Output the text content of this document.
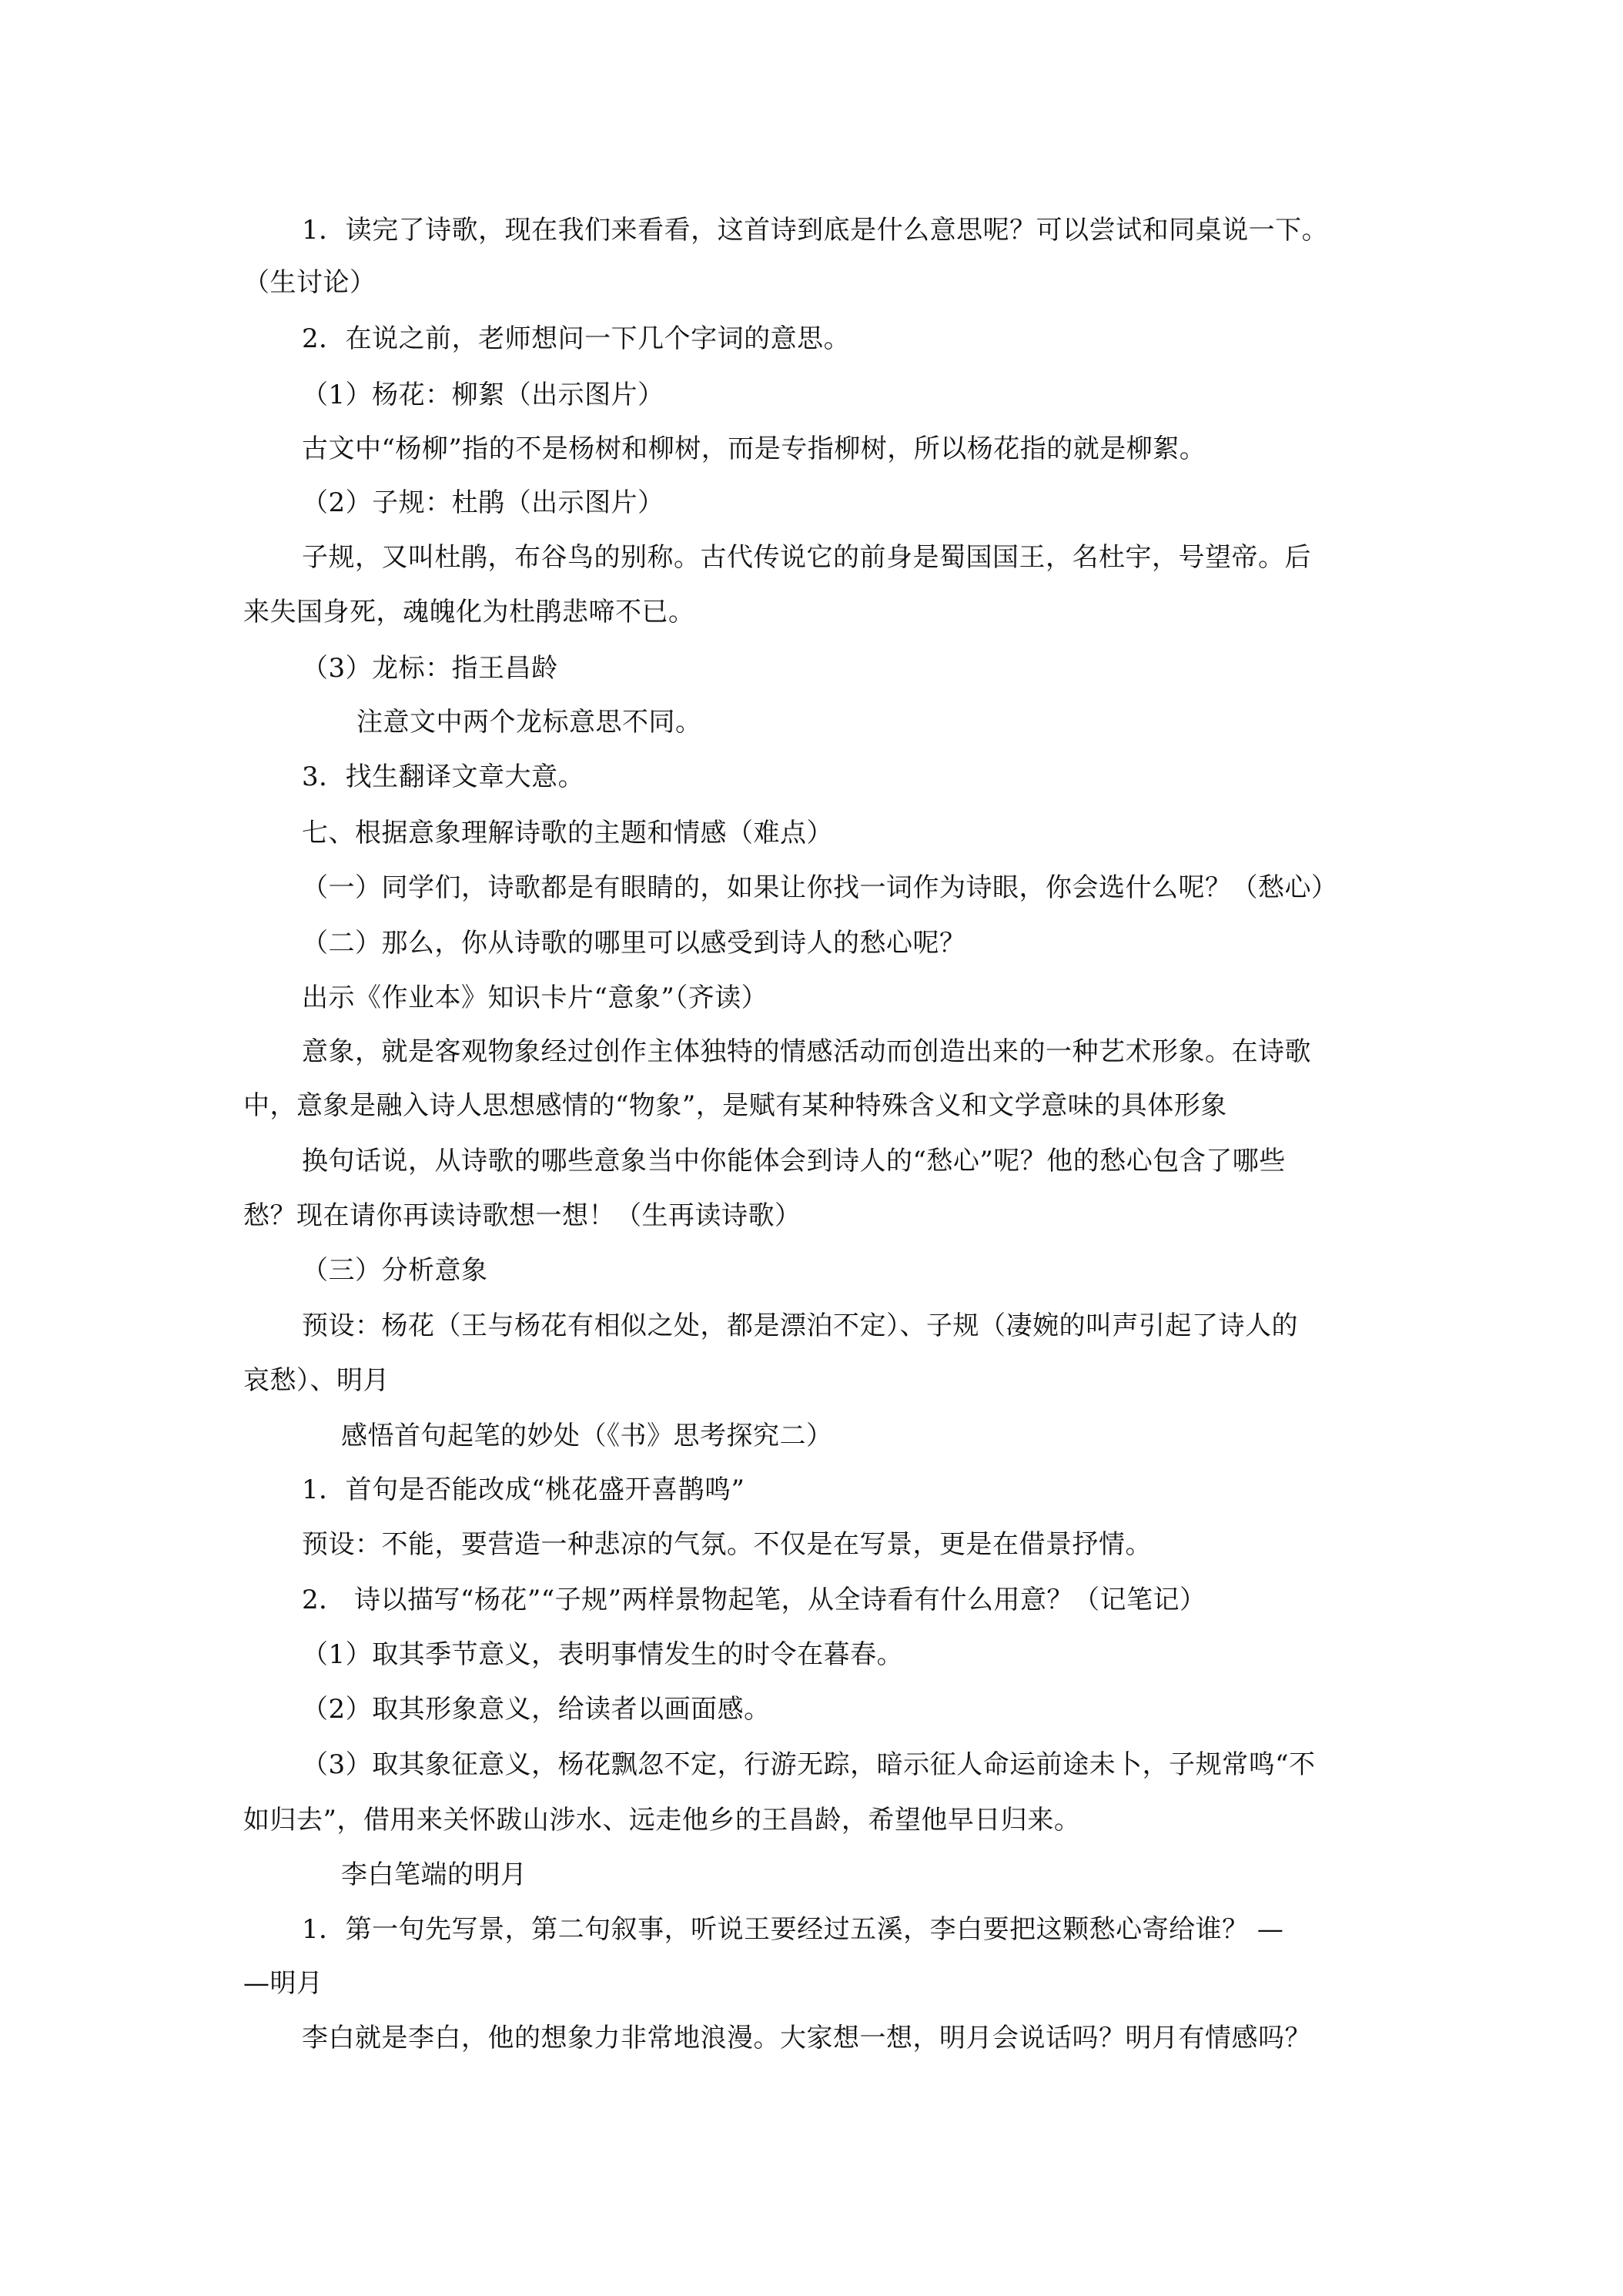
1．读完了诗歌，现在我们来看看，这首诗到底是什么意思呢？可以尝试和同桌说一下。
（生讨论）
2．在说之前，老师想问一下几个字词的意思。
（1）杨花：柳絮（出示图片）
古文中“杨柳”指的不是杨树和柳树，而是专指柳树，所以杨花指的就是柳絮。
（2）子规：杜鹃（出示图片）
子规，又叫杜鹃，布谷鸟的别称。古代传说它的前身是蜀国国王，名杜宇，号望帝。后
来失国身死，魂魄化为杜鹃悲啼不已。
（3）龙标：指王昌龄
注意文中两个龙标意思不同。
3．找生翻译文章大意。
七、根据意象理解诗歌的主题和情感（难点）
（一）同学们，诗歌都是有眼睛的，如果让你找一词作为诗眼，你会选什么呢？（愁心）
（二）那么，你从诗歌的哪里可以感受到诗人的愁心呢？
出示《作业本》知识卡片“意象”（齐读）
意象，就是客观物象经过创作主体独特的情感活动而创造出来的一种艺术形象。在诗歌
中，意象是融入诗人思想感情的“物象”，是赋有某种特殊含义和文学意味的具体形象
换句话说，从诗歌的哪些意象当中你能体会到诗人的“愁心”呢？他的愁心包含了哪些
愁？现在请你再读诗歌想一想！（生再读诗歌）
（三）分析意象
预设：杨花（王与杨花有相似之处，都是漂泊不定）、子规（凄婉的叫声引起了诗人的
哀愁）、明月
感悟首句起笔的妙处（《书》思考探究二）
1．首句是否能改成“桃花盛开喜鹊鸣”
预设：不能，要营造一种悲凉的气氛。不仅是在写景，更是在借景抒情。
2． 诗以描写“杨花”“子规”两样景物起笔，从全诗看有什么用意？（记笔记）
（1）取其季节意义，表明事情发生的时令在暮春。
（2）取其形象意义，给读者以画面感。
（3）取其象征意义，杨花飘忽不定，行游无踪，暗示征人命运前途未卜，子规常鸣“不
如归去”，借用来关怀跋山涉水、远走他乡的王昌龄，希望他早日归来。
李白笔端的明月
1．第一句先写景，第二句叙事，听说王要经过五溪，李白要把这颗愁心寄给谁？ —
—明月
李白就是李白，他的想象力非常地浪漫。大家想一想，明月会说话吗？明月有情感吗？
